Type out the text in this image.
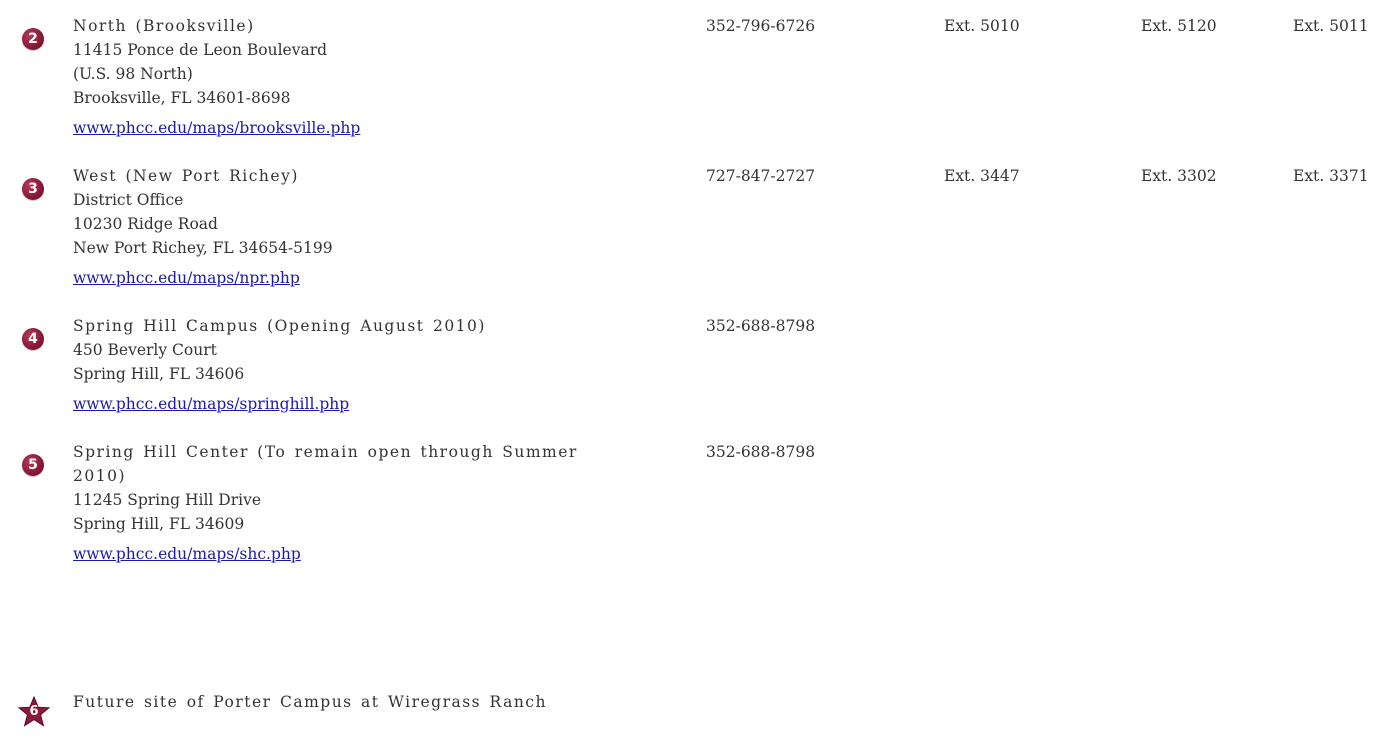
2
North (Brooksville)
11415 Ponce de Leon Boulevard
(U.S. 98 North)
Brooksville, FL 34601-8698
www.phcc.edu/maps/brooksville.php
352-796-6726	Ext. 5010	Ext. 5120	Ext. 5011
3
West (New Port Richey)
District Office
10230 Ridge Road
New Port Richey, FL 34654-5199
www.phcc.edu/maps/npr.php
727-847-2727	Ext. 3447	Ext. 3302	Ext. 3371
4
Spring Hill Campus (Opening August 2010)
450 Beverly Court
Spring Hill, FL 34606
www.phcc.edu/maps/springhill.php
352-688-8798
5
Spring Hill Center (To remain open through Summer
2010)
11245 Spring Hill Drive
Spring Hill, FL 34609
www.phcc.edu/maps/shc.php
352-688-8798
6
Future site of Porter Campus at Wiregrass Ranch
